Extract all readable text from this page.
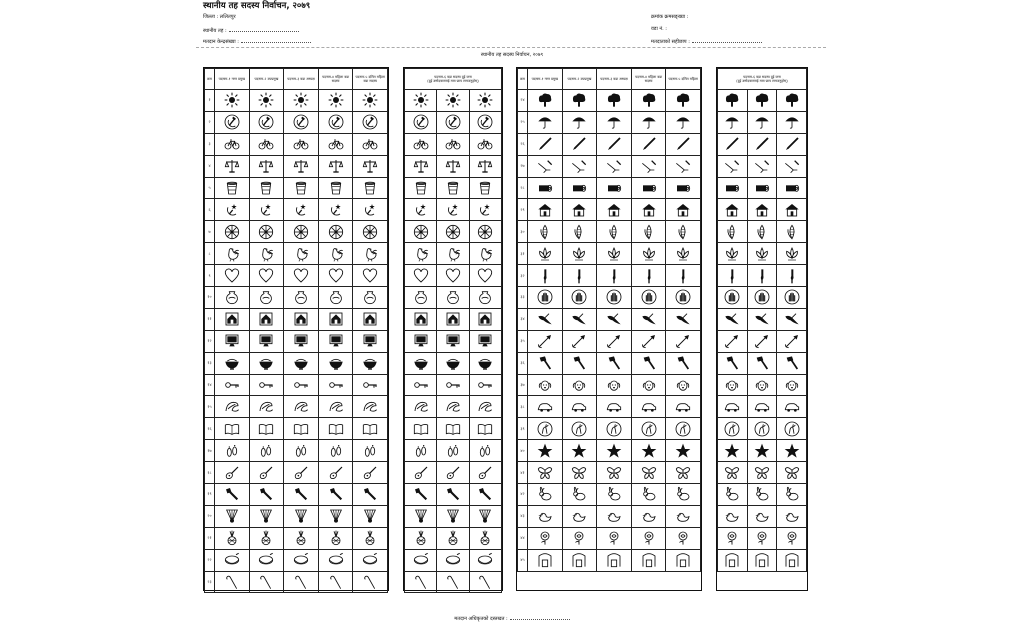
स्थानीय तह सदस्य निर्वाचन, २०७९
जिल्ला : ललितपुर
स्थानीय तह :
मतदान केन्द्रसंख्या :
क्रमांक क्रमसङ्ख्या :
वडा नं. :
मतदाताको सहीछाप :
स्थानीय तह सदस्य निर्वाचन, २०७९
क्रम	पदनाम-१ नगर प्रमुख	पदनाम-२ उपप्रमुख	पदनाम-३ वडा अध्यक्ष	पदनाम-४ महिला वडा सदस्य	पदनाम-५ दलित महिला वडा सदस्य
१	

२	

३	

४	

५	

६	

७	

८	

९	

१०	

११	

१२	

१३	

१४	

१५	

१६	

१७	

१८	

१९	

२०	

२१	

२२	

२३	

पदनाम-६ वडा सदस्य दुई जना
(दुई उम्मेदवारलाई मात्र छाप लगाउनुहोस्)		

क्रम	पदनाम-१ नगर प्रमुख	पदनाम-२ उपप्रमुख	पदनाम-३ वडा अध्यक्ष	पदनाम-४ महिला वडा सदस्य	पदनाम-५ दलित महिला
२४	

२५	

२६	

२७	

२८	

२९	

३०	

३१	

३२	

३३	

३४	

३५	

३६	

३७	

३८	

३९	

४०	

४१	

४२	

४३	

४४	

४५	

पदनाम-६ वडा सदस्य दुई जना
(दुई उम्मेदवारलाई मात्र छाप लगाउनुहोस्)		

मतदान अधिकृतको दस्तखत :
